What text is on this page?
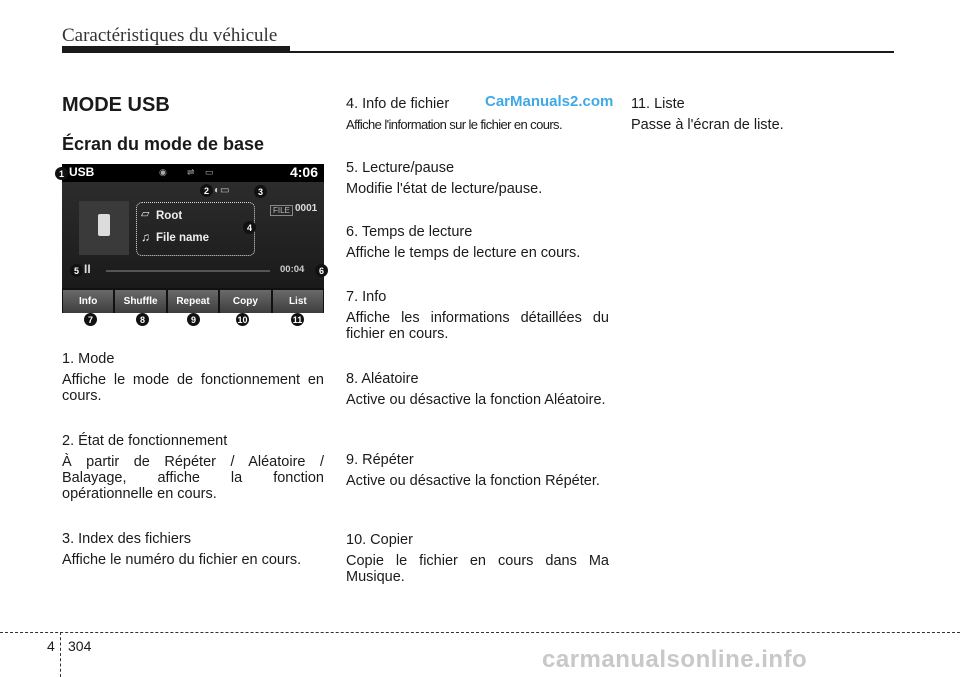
Caractéristiques du véhicule
MODE USB
Écran du mode de base
CarManuals2.com
USB	◉ ⇌ ▭	4:06
◐▭
FILE 0001
▱ Root
♫ File name
II	00:04
Info	Shuffle	Repeat	Copy	List
1
2	3
4
5	6
7	8	9	10	11
1. Mode
Affiche le mode de fonctionnement en cours.
2. État de fonctionnement
À partir de Répéter / Aléatoire / Balayage, affiche la fonction opérationnelle en cours.
3. Index des fichiers
Affiche le numéro du fichier en cours.
4. Info de fichier
Affiche l'information sur le fichier en cours.
5. Lecture/pause
Modifie l'état de lecture/pause.
6. Temps de lecture
Affiche le temps de lecture en cours.
7. Info
Affiche les informations détaillées du fichier en cours.
8. Aléatoire
Active ou désactive la fonction Aléatoire.
9. Répéter
Active ou désactive la fonction Répéter.
10. Copier
Copie le fichier en cours dans Ma Musique.
11. Liste
Passe à l'écran de liste.
4 304	carmanualsonline.info
